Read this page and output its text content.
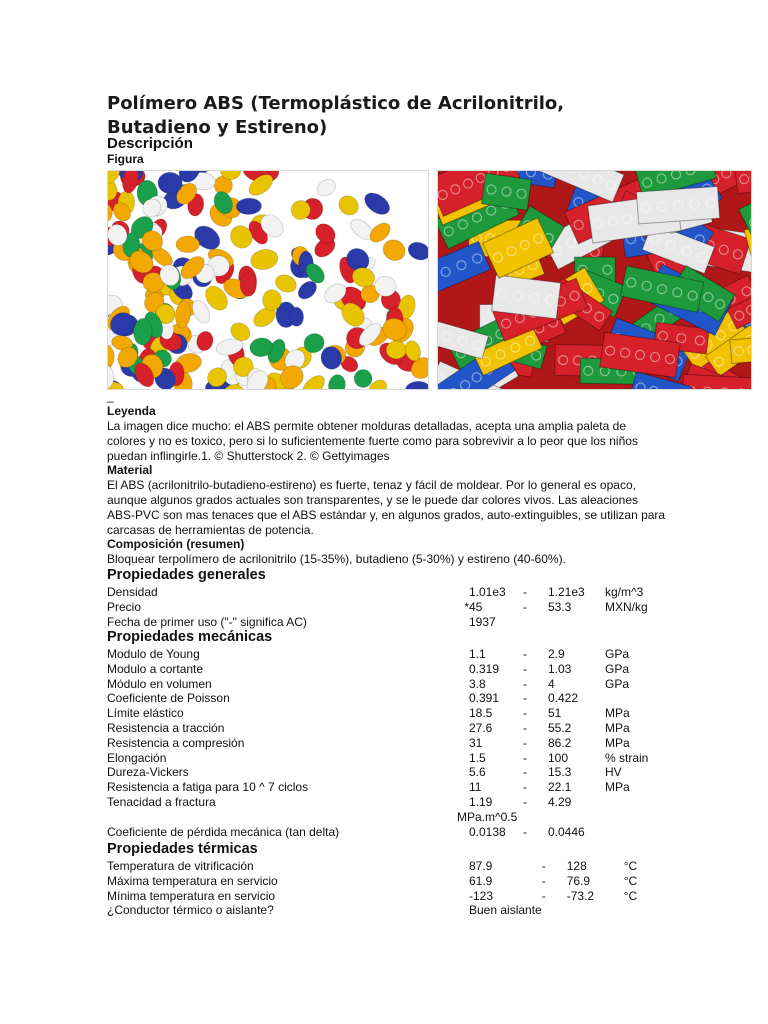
Polímero ABS (Termoplástico de Acrilonitrilo, Butadieno y Estireno)
Descripción
Figura
_
Leyenda
La imagen dice mucho: el ABS permite obtener molduras detalladas, acepta una amplia paleta de colores y no es toxico, pero si lo suficientemente fuerte como para sobrevivir a lo peor que los niños puedan inflingirle.1. © Shutterstock 2. © Gettyimages
Material
El ABS (acrilonitrilo-butadieno-estireno) es fuerte, tenaz y fácil de moldear. Por lo general es opaco, aunque algunos grados actuales son transparentes, y se le puede dar colores vivos. Las aleaciones ABS-PVC son mas tenaces que el ABS estándar y, en algunos grados, auto-extinguibles, se utilizan para carcasas de herramientas de potencia.
Composición (resumen)
Bloquear terpolímero de acrilonitrilo (15-35%), butadieno (5-30%) y estireno (40-60%).
Propiedades generales
Densidad		1.01e3	-	1.21e3	kg/m^3
Precio	*	45	-	53.3	MXN/kg
Fecha de primer uso ("-" significa AC)		1937			
Propiedades mecánicas
Modulo de Young		1.1	-	2.9	GPa
Modulo a cortante		0.319	-	1.03	GPa
Módulo en volumen		3.8	-	4	GPa
Coeficiente de Poisson		0.391	-	0.422	
Límite elástico		18.5	-	51	MPa
Resistencia a tracción		27.6	-	55.2	MPa
Resistencia a compresión		31	-	86.2	MPa
Elongación		1.5	-	100	% strain
Dureza-Vickers		5.6	-	15.3	HV
Resistencia a fatiga para 10 ^ 7 ciclos		11	-	22.1	MPa
Tenacidad a fractura		1.19	-	4.29	
	MPa.m^0.5
Coeficiente de pérdida mecánica (tan delta)		0.0138	-	0.0446	
Propiedades térmicas
Temperatura de vitrificación		87.9	-	128	°C
Máxima temperatura en servicio		61.9	-	76.9	°C
Mínima temperatura en servicio		-123	-	-73.2	°C
¿Conductor térmico o aislante?		Buen aislante			
